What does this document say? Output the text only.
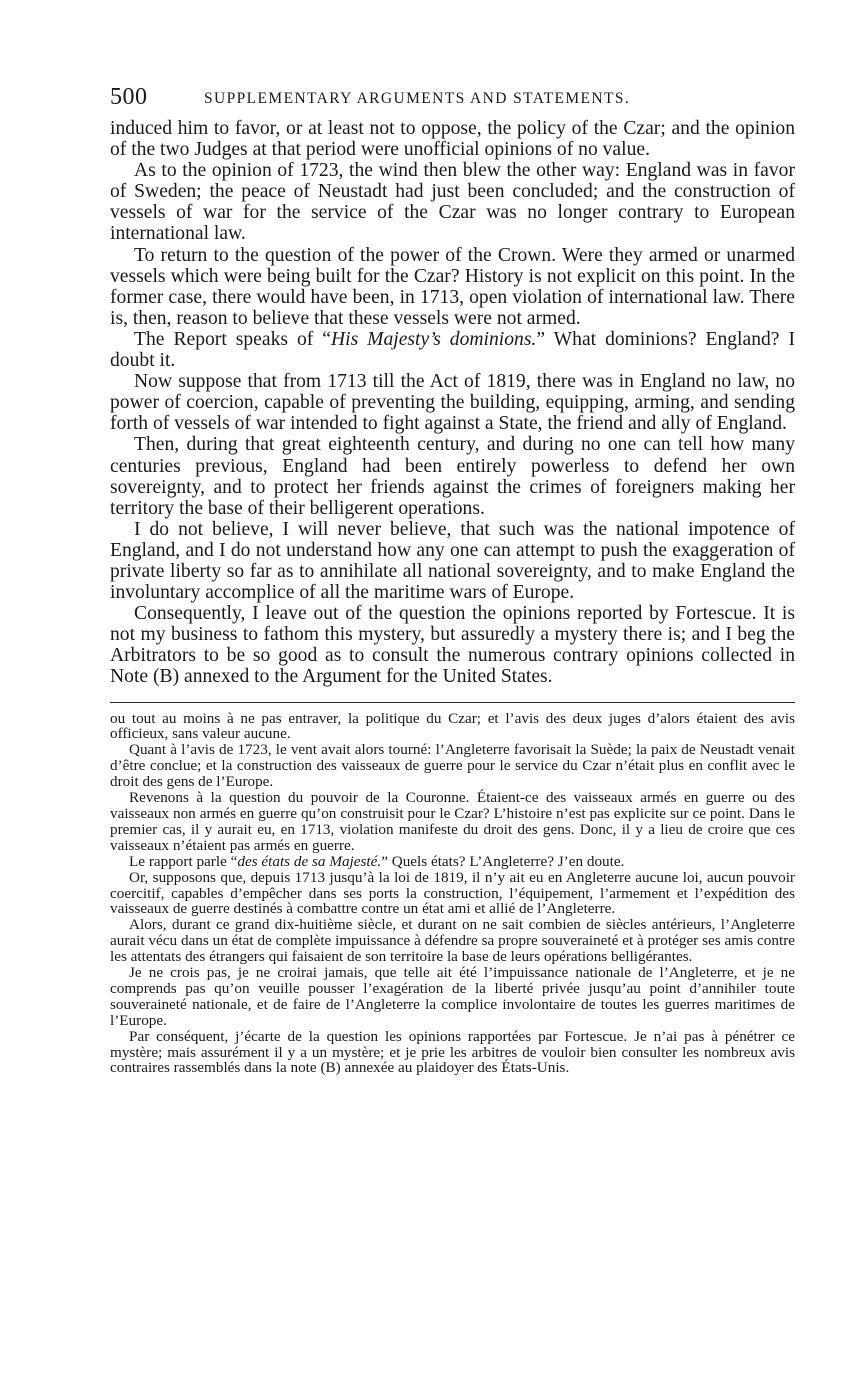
500	SUPPLEMENTARY ARGUMENTS AND STATEMENTS.

induced him to favor, or at least not to oppose, the policy of the Czar; and the opinion of the two Judges at that period were unofficial opinions of no value.

As to the opinion of 1723, the wind then blew the other way: England was in favor of Sweden; the peace of Neustadt had just been concluded; and the construction of vessels of war for the service of the Czar was no longer contrary to European international law.

To return to the question of the power of the Crown. Were they armed or unarmed vessels which were being built for the Czar? History is not explicit on this point. In the former case, there would have been, in 1713, open violation of international law. There is, then, reason to believe that these vessels were not armed.

The Report speaks of “His Majesty’s dominions.” What dominions? England? I doubt it.

Now suppose that from 1713 till the Act of 1819, there was in England no law, no power of coercion, capable of preventing the building, equipping, arming, and sending forth of vessels of war intended to fight against a State, the friend and ally of England.

Then, during that great eighteenth century, and during no one can tell how many centuries previous, England had been entirely powerless to defend her own sovereignty, and to protect her friends against the crimes of foreigners making her territory the base of their belligerent operations.

I do not believe, I will never believe, that such was the national impotence of England, and I do not understand how any one can attempt to push the exaggeration of private liberty so far as to annihilate all national sovereignty, and to make England the involuntary accomplice of all the maritime wars of Europe.

Consequently, I leave out of the question the opinions reported by Fortescue. It is not my business to fathom this mystery, but assuredly a mystery there is; and I beg the Arbitrators to be so good as to consult the numerous contrary opinions collected in Note (B) annexed to the Argument for the United States.

ou tout au moins à ne pas entraver, la politique du Czar; et l’avis des deux juges d’alors étaient des avis officieux, sans valeur aucune.

Quant à l’avis de 1723, le vent avait alors tourné: l’Angleterre favorisait la Suède; la paix de Neustadt venait d’être conclue; et la construction des vaisseaux de guerre pour le service du Czar n’était plus en conflit avec le droit des gens de l’Europe.

Revenons à la question du pouvoir de la Couronne. Étaient-ce des vaisseaux armés en guerre ou des vaisseaux non armés en guerre qu’on construisit pour le Czar? L’histoire n’est pas explicite sur ce point. Dans le premier cas, il y aurait eu, en 1713, violation manifeste du droit des gens. Donc, il y a lieu de croire que ces vaisseaux n’étaient pas armés en guerre.

Le rapport parle “des états de sa Majesté.” Quels états? L’Angleterre? J’en doute.

Or, supposons que, depuis 1713 jusqu’à la loi de 1819, il n’y ait eu en Angleterre aucune loi, aucun pouvoir coercitif, capables d’empêcher dans ses ports la construction, l’équipement, l’armement et l’expédition des vaisseaux de guerre destinés à combattre contre un état ami et allié de l’Angleterre.

Alors, durant ce grand dix-huitième siècle, et durant on ne sait combien de siècles antérieurs, l’Angleterre aurait vécu dans un état de complète impuissance à défendre sa propre souveraineté et à protéger ses amis contre les attentats des étrangers qui faisaient de son territoire la base de leurs opérations belligérantes.

Je ne crois pas, je ne croirai jamais, que telle ait été l’impuissance nationale de l’Angleterre, et je ne comprends pas qu’on veuille pousser l’exagération de la liberté privée jusqu’au point d’annihiler toute souveraineté nationale, et de faire de l’Angleterre la complice involontaire de toutes les guerres maritimes de l’Europe.

Par conséquent, j’écarte de la question les opinions rapportées par Fortescue. Je n’ai pas à pénétrer ce mystère; mais assurément il y a un mystère; et je prie les arbitres de vouloir bien consulter les nombreux avis contraires rassemblés dans la note (B) annexée au plaidoyer des États-Unis.
